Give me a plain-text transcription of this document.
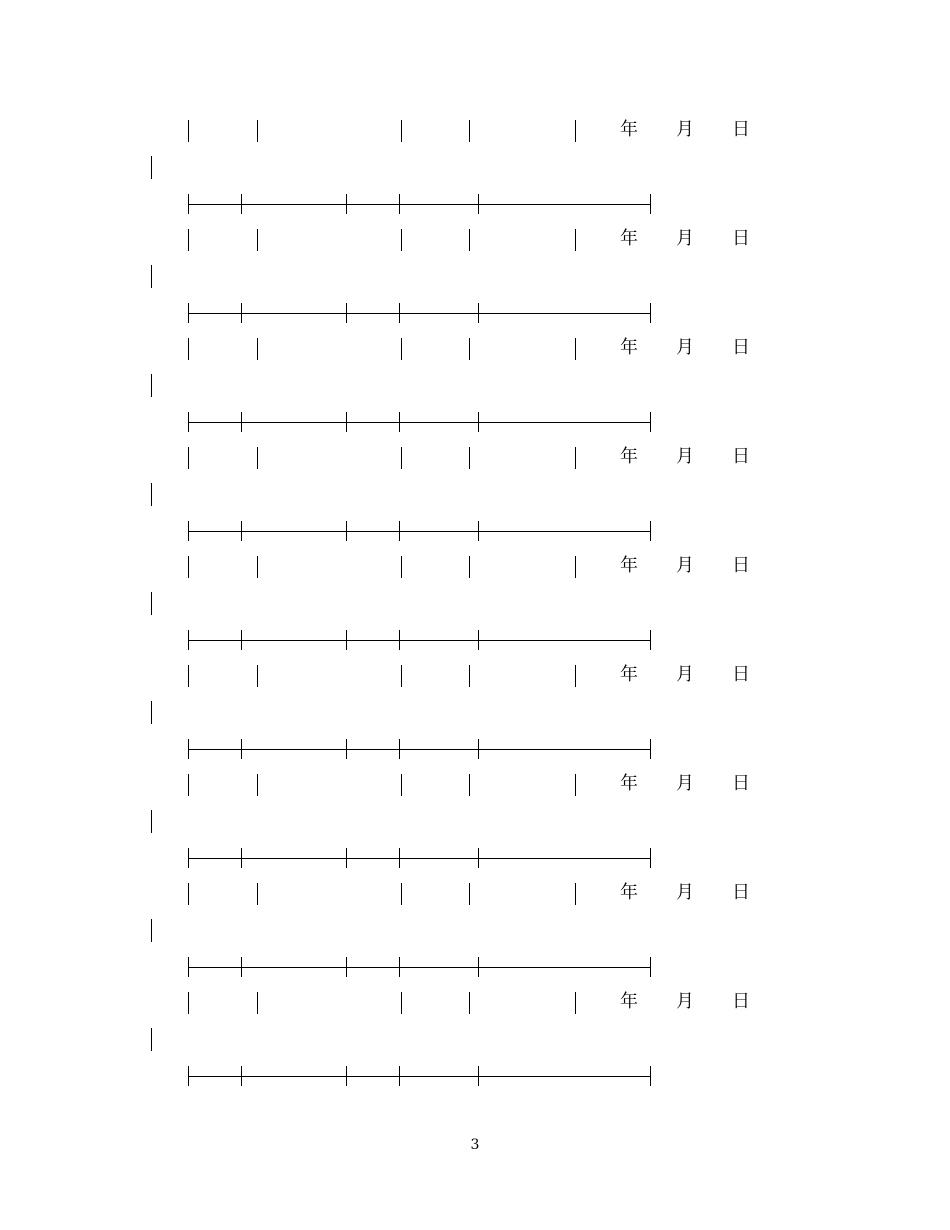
年 月 日
年 月 日
年 月 日
年 月 日
年 月 日
年 月 日
年 月 日
年 月 日
年 月 日
3
